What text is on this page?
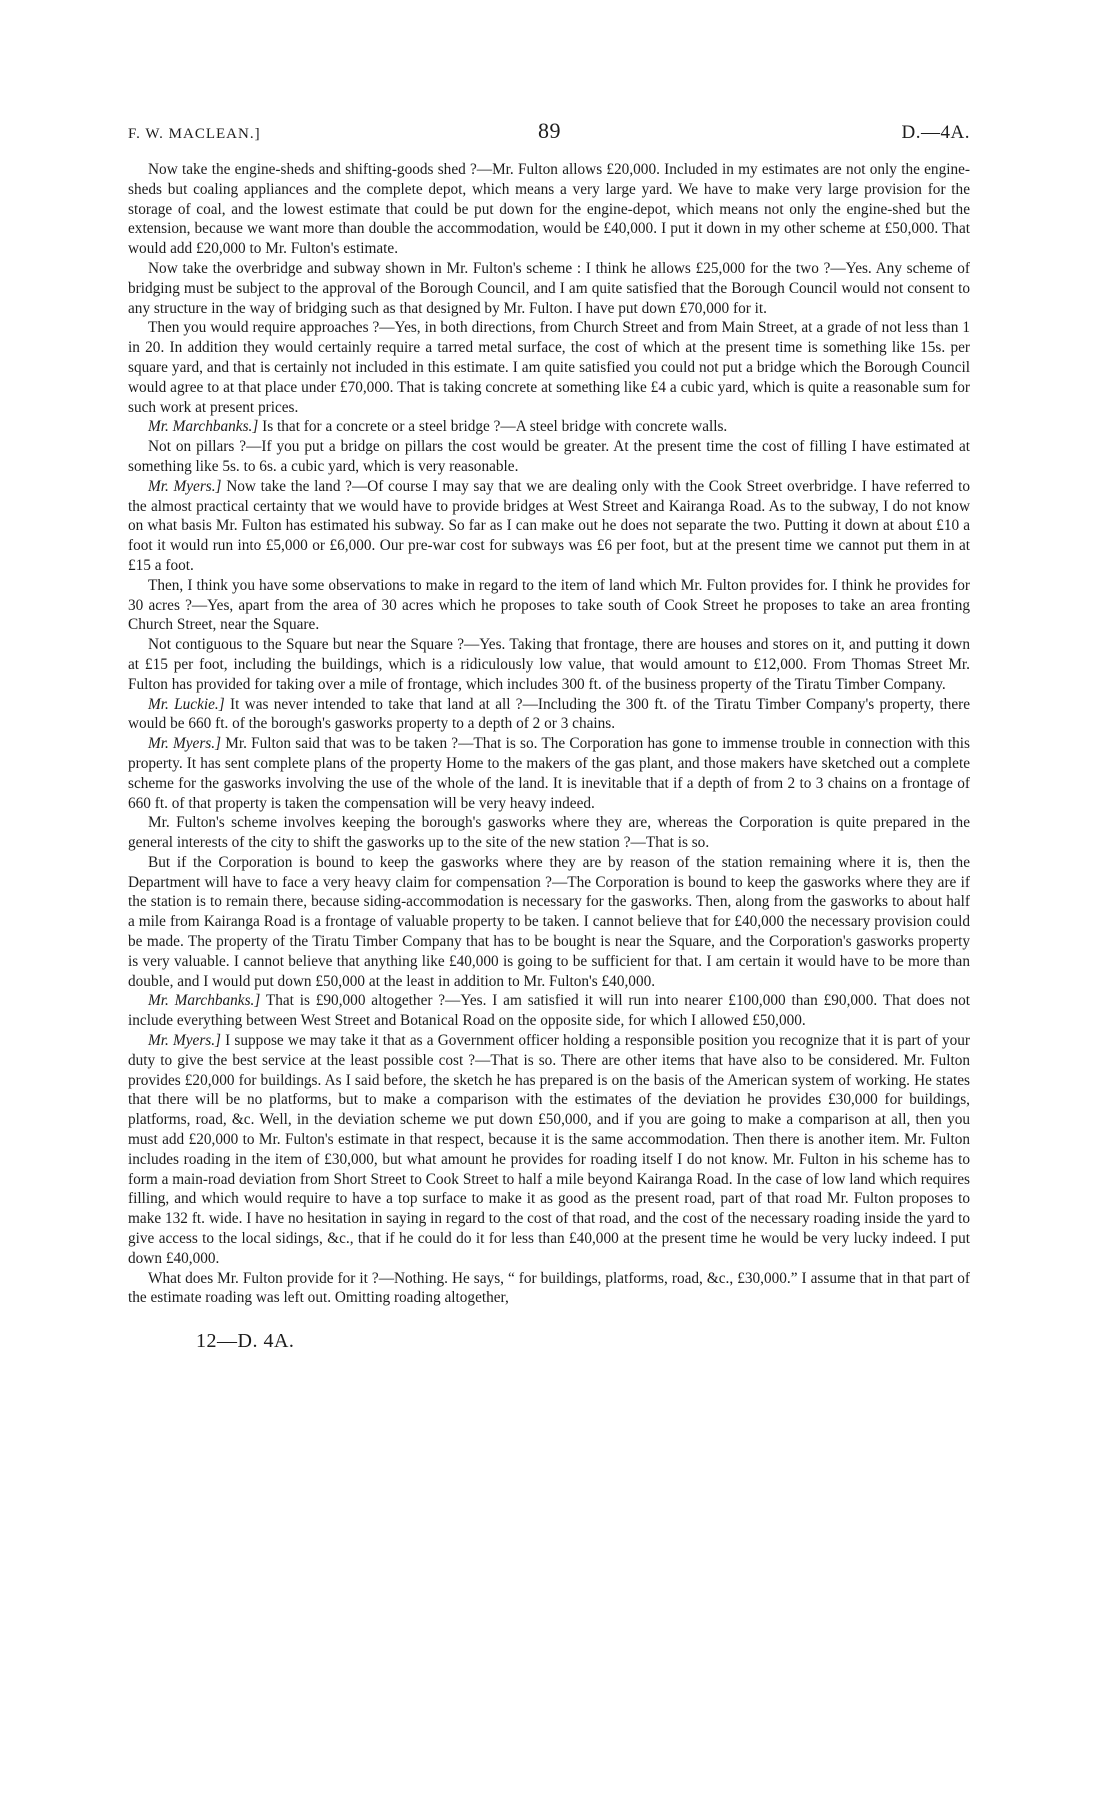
F. W. MACLEAN.]	89	D.—4A.

Now take the engine-sheds and shifting-goods shed ?—Mr. Fulton allows £20,000. Included in my estimates are not only the engine-sheds but coaling appliances and the complete depot, which means a very large yard. We have to make very large provision for the storage of coal, and the lowest estimate that could be put down for the engine-depot, which means not only the engine-shed but the extension, because we want more than double the accommodation, would be £40,000. I put it down in my other scheme at £50,000. That would add £20,000 to Mr. Fulton's estimate.

Now take the overbridge and subway shown in Mr. Fulton's scheme : I think he allows £25,000 for the two ?—Yes. Any scheme of bridging must be subject to the approval of the Borough Council, and I am quite satisfied that the Borough Council would not consent to any structure in the way of bridging such as that designed by Mr. Fulton. I have put down £70,000 for it.

Then you would require approaches ?—Yes, in both directions, from Church Street and from Main Street, at a grade of not less than 1 in 20. In addition they would certainly require a tarred metal surface, the cost of which at the present time is something like 15s. per square yard, and that is certainly not included in this estimate. I am quite satisfied you could not put a bridge which the Borough Council would agree to at that place under £70,000. That is taking concrete at something like £4 a cubic yard, which is quite a reasonable sum for such work at present prices.

Mr. Marchbanks.] Is that for a concrete or a steel bridge ?—A steel bridge with concrete walls.

Not on pillars ?—If you put a bridge on pillars the cost would be greater. At the present time the cost of filling I have estimated at something like 5s. to 6s. a cubic yard, which is very reasonable.

Mr. Myers.] Now take the land ?—Of course I may say that we are dealing only with the Cook Street overbridge. I have referred to the almost practical certainty that we would have to provide bridges at West Street and Kairanga Road. As to the subway, I do not know on what basis Mr. Fulton has estimated his subway. So far as I can make out he does not separate the two. Putting it down at about £10 a foot it would run into £5,000 or £6,000. Our pre-war cost for subways was £6 per foot, but at the present time we cannot put them in at £15 a foot.

Then, I think you have some observations to make in regard to the item of land which Mr. Fulton provides for. I think he provides for 30 acres ?—Yes, apart from the area of 30 acres which he proposes to take south of Cook Street he proposes to take an area fronting Church Street, near the Square.

Not contiguous to the Square but near the Square ?—Yes. Taking that frontage, there are houses and stores on it, and putting it down at £15 per foot, including the buildings, which is a ridiculously low value, that would amount to £12,000. From Thomas Street Mr. Fulton has provided for taking over a mile of frontage, which includes 300 ft. of the business property of the Tiratu Timber Company.

Mr. Luckie.] It was never intended to take that land at all ?—Including the 300 ft. of the Tiratu Timber Company's property, there would be 660 ft. of the borough's gasworks property to a depth of 2 or 3 chains.

Mr. Myers.] Mr. Fulton said that was to be taken ?—That is so. The Corporation has gone to immense trouble in connection with this property. It has sent complete plans of the property Home to the makers of the gas plant, and those makers have sketched out a complete scheme for the gasworks involving the use of the whole of the land. It is inevitable that if a depth of from 2 to 3 chains on a frontage of 660 ft. of that property is taken the compensation will be very heavy indeed.

Mr. Fulton's scheme involves keeping the borough's gasworks where they are, whereas the Corporation is quite prepared in the general interests of the city to shift the gasworks up to the site of the new station ?—That is so.

But if the Corporation is bound to keep the gasworks where they are by reason of the station remaining where it is, then the Department will have to face a very heavy claim for compensation ?—The Corporation is bound to keep the gasworks where they are if the station is to remain there, because siding-accommodation is necessary for the gasworks. Then, along from the gasworks to about half a mile from Kairanga Road is a frontage of valuable property to be taken. I cannot believe that for £40,000 the necessary provision could be made. The property of the Tiratu Timber Company that has to be bought is near the Square, and the Corporation's gasworks property is very valuable. I cannot believe that anything like £40,000 is going to be sufficient for that. I am certain it would have to be more than double, and I would put down £50,000 at the least in addition to Mr. Fulton's £40,000.

Mr. Marchbanks.] That is £90,000 altogether ?—Yes. I am satisfied it will run into nearer £100,000 than £90,000. That does not include everything between West Street and Botanical Road on the opposite side, for which I allowed £50,000.

Mr. Myers.] I suppose we may take it that as a Government officer holding a responsible position you recognize that it is part of your duty to give the best service at the least possible cost ?—That is so. There are other items that have also to be considered. Mr. Fulton provides £20,000 for buildings. As I said before, the sketch he has prepared is on the basis of the American system of working. He states that there will be no platforms, but to make a comparison with the estimates of the deviation he provides £30,000 for buildings, platforms, road, &c. Well, in the deviation scheme we put down £50,000, and if you are going to make a comparison at all, then you must add £20,000 to Mr. Fulton's estimate in that respect, because it is the same accommodation. Then there is another item. Mr. Fulton includes roading in the item of £30,000, but what amount he provides for roading itself I do not know. Mr. Fulton in his scheme has to form a main-road deviation from Short Street to Cook Street to half a mile beyond Kairanga Road. In the case of low land which requires filling, and which would require to have a top surface to make it as good as the present road, part of that road Mr. Fulton proposes to make 132 ft. wide. I have no hesitation in saying in regard to the cost of that road, and the cost of the necessary roading inside the yard to give access to the local sidings, &c., that if he could do it for less than £40,000 at the present time he would be very lucky indeed. I put down £40,000.

What does Mr. Fulton provide for it ?—Nothing. He says, “ for buildings, platforms, road, &c., £30,000.” I assume that in that part of the estimate roading was left out. Omitting roading altogether,

12—D. 4A.
